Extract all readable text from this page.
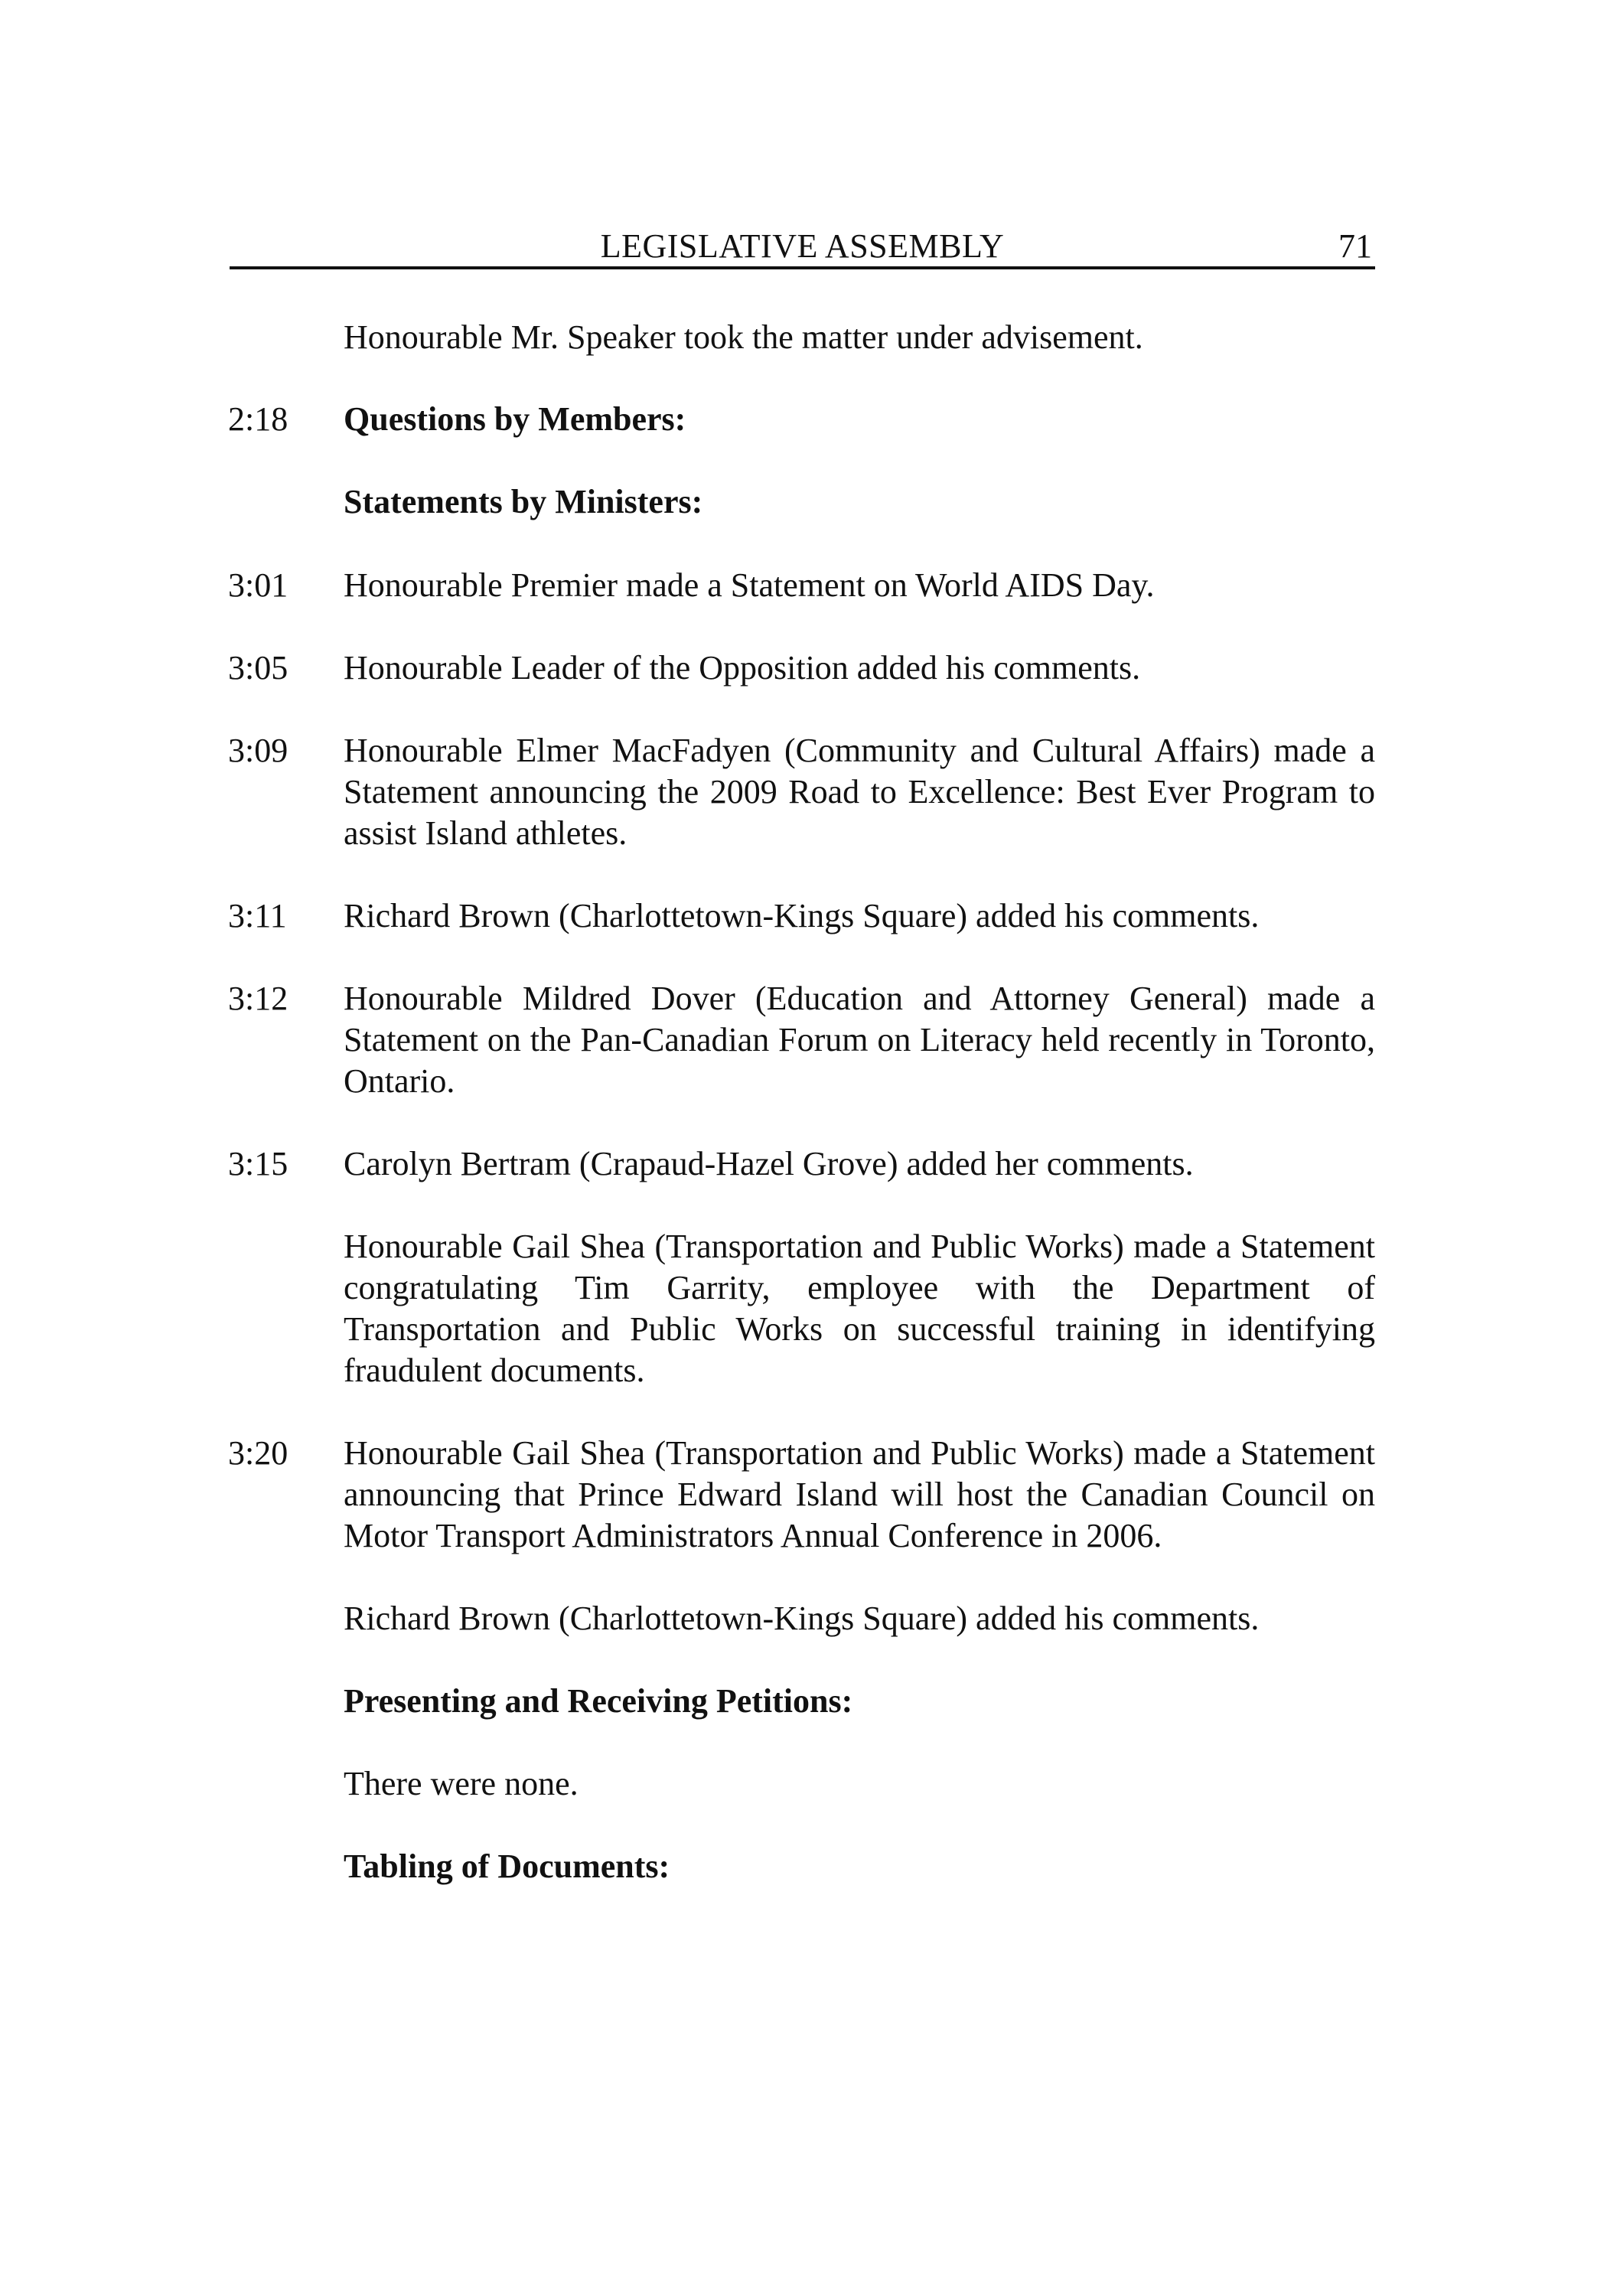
LEGISLATIVE ASSEMBLY	71
Honourable Mr. Speaker took the matter under advisement.
2:18 Questions by Members:
Statements by Ministers:
3:01 Honourable Premier made a Statement on World AIDS Day.
3:05 Honourable Leader of the Opposition added his comments.
3:09 Honourable Elmer MacFadyen (Community and Cultural Affairs) made a Statement announcing the 2009 Road to Excellence: Best Ever Program to assist Island athletes.
3:11 Richard Brown (Charlottetown-Kings Square) added his comments.
3:12 Honourable Mildred Dover (Education and Attorney General) made a Statement on the Pan-Canadian Forum on Literacy held recently in Toronto, Ontario.
3:15 Carolyn Bertram (Crapaud-Hazel Grove) added her comments.
Honourable Gail Shea (Transportation and Public Works) made a Statement congratulating Tim Garrity, employee with the Department of Transportation and Public Works on successful training in identifying fraudulent documents.
3:20 Honourable Gail Shea (Transportation and Public Works) made a Statement announcing that Prince Edward Island will host the Canadian Council on Motor Transport Administrators Annual Conference in 2006.
Richard Brown (Charlottetown-Kings Square) added his comments.
Presenting and Receiving Petitions:
There were none.
Tabling of Documents:
